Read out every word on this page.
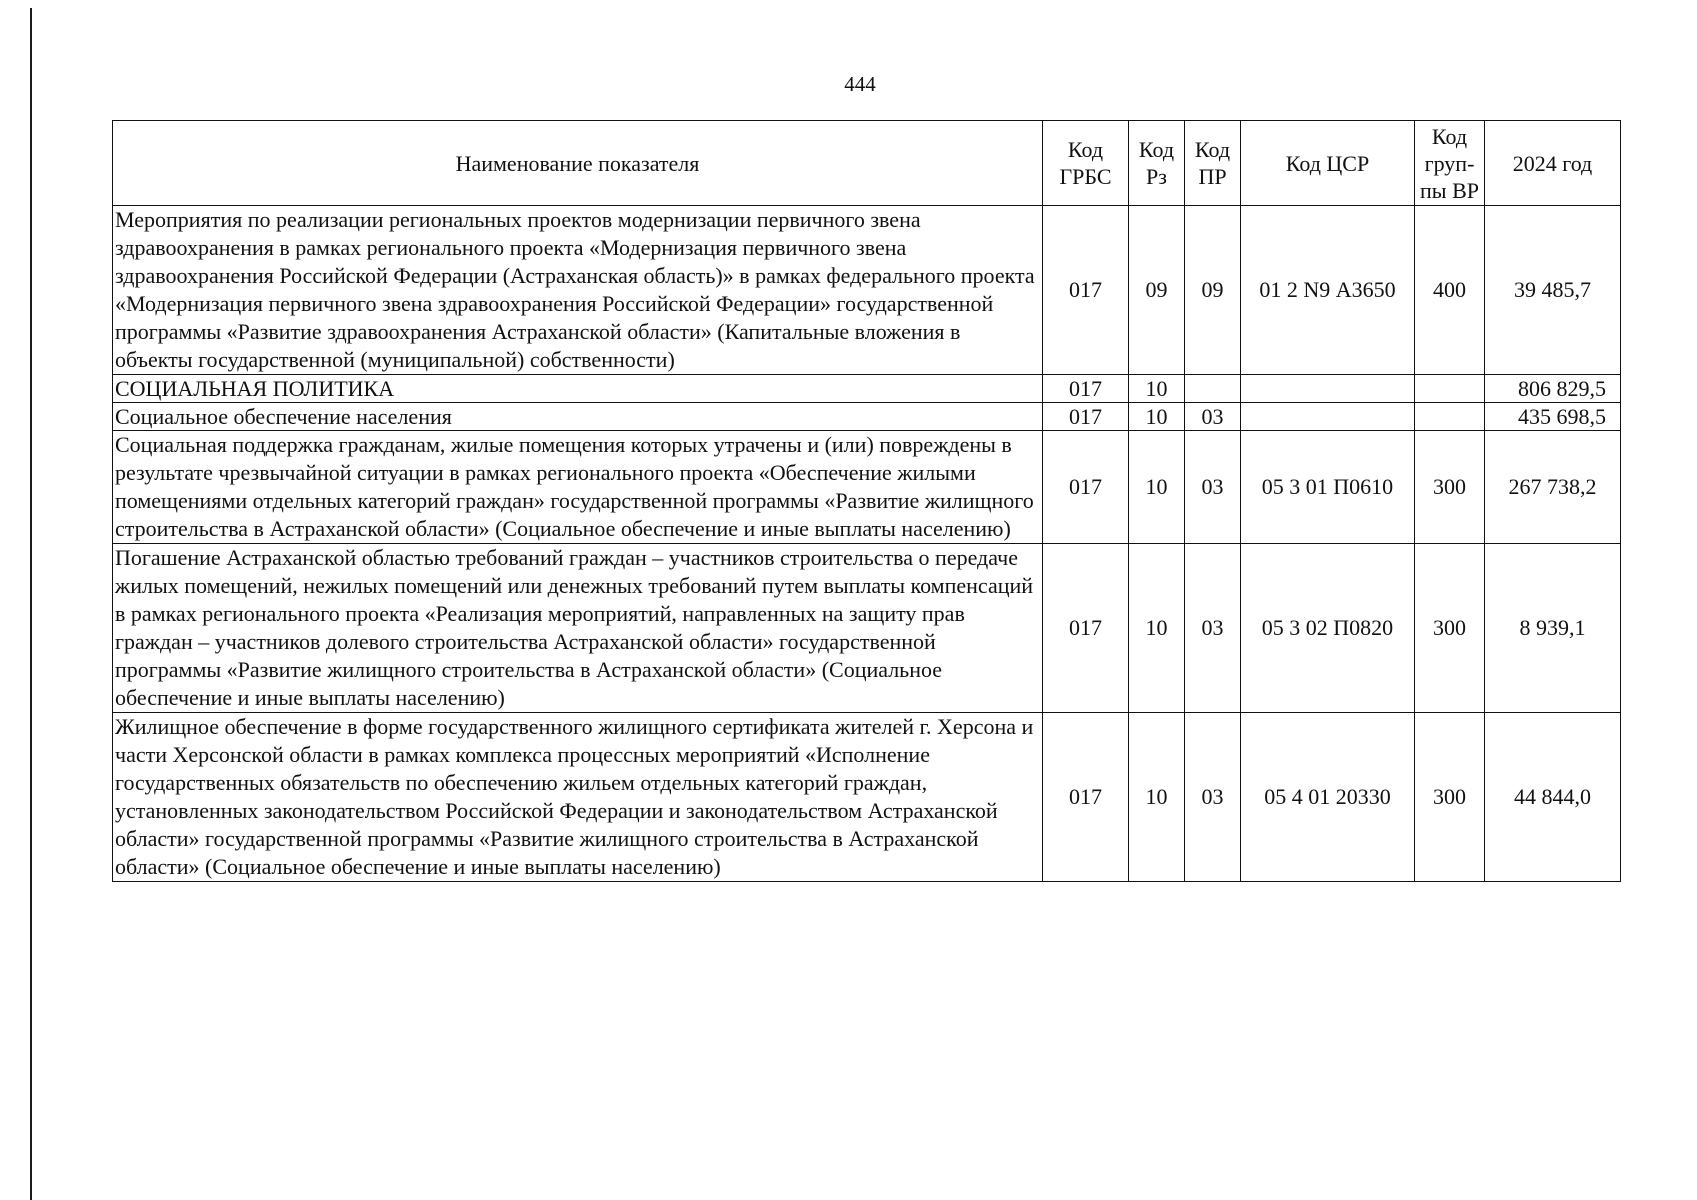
444
Наименование показателя	Код ГРБС	Код Рз	Код ПР	Код ЦСР	Код груп-пы ВР	2024 год
Мероприятия по реализации региональных проектов модернизации первичного звена здравоохранения в рамках регионального проекта «Модернизация первичного звена здравоохранения Российской Федерации (Астраханская область)» в рамках федерального проекта «Модернизация первичного звена здравоохранения Российской Федерации» государственной программы «Развитие здравоохранения Астраханской области» (Капитальные вложения в объекты государственной (муниципальной) собственности)	017	09	09	01 2 N9 А3650	400	39 485,7
СОЦИАЛЬНАЯ ПОЛИТИКА	017	10				806 829,5
Социальное обеспечение населения	017	10	03			435 698,5
Социальная поддержка гражданам, жилые помещения которых утрачены и (или) повреждены в результате чрезвычайной ситуации в рамках регионального проекта «Обеспечение жилыми помещениями отдельных категорий граждан» государственной программы «Развитие жилищного строительства в Астраханской области» (Социальное обеспечение и иные выплаты населению)	017	10	03	05 3 01 П0610	300	267 738,2
Погашение Астраханской областью требований граждан – участников строительства о передаче жилых помещений, нежилых помещений или денежных требований путем выплаты компенсаций в рамках регионального проекта «Реализация мероприятий, направленных на защиту прав граждан – участников долевого строительства Астраханской области» государственной программы «Развитие жилищного строительства в Астраханской области» (Социальное обеспечение и иные выплаты населению)	017	10	03	05 3 02 П0820	300	8 939,1
Жилищное обеспечение в форме государственного жилищного сертификата жителей г. Херсона и части Херсонской области в рамках комплекса процессных мероприятий «Исполнение государственных обязательств по обеспечению жильем отдельных категорий граждан, установленных законодательством Российской Федерации и законодательством Астраханской области» государственной программы «Развитие жилищного строительства в Астраханской области» (Социальное обеспечение и иные выплаты населению)	017	10	03	05 4 01 20330	300	44 844,0
